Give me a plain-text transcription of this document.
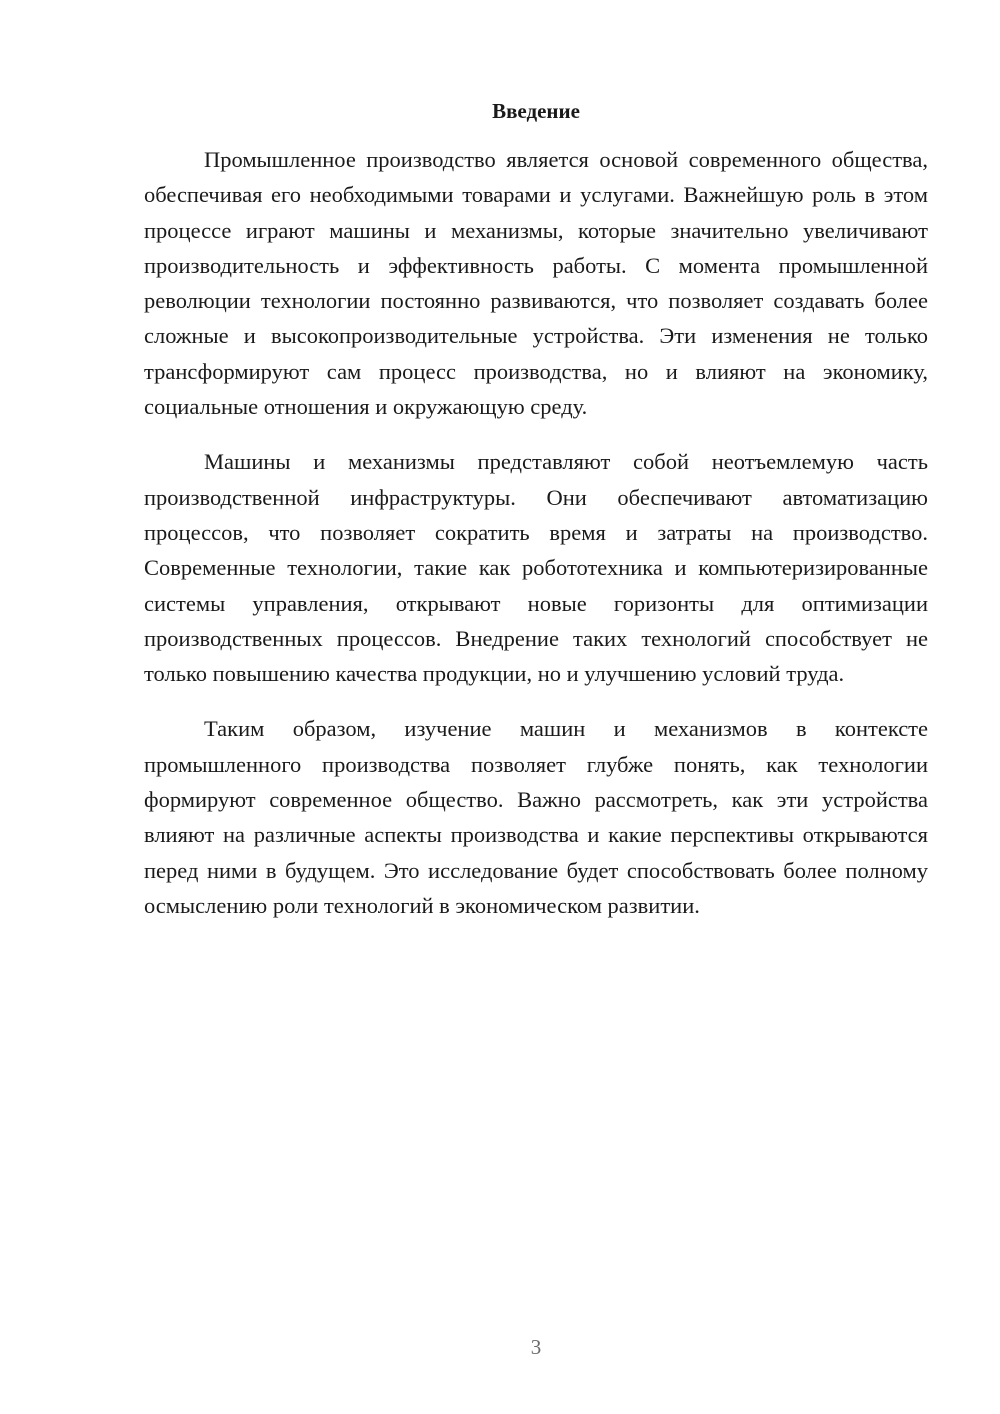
Введение

Промышленное производство является основой современного общества, обеспечивая его необходимыми товарами и услугами. Важнейшую роль в этом процессе играют машины и механизмы, которые значительно увеличивают производительность и эффективность работы. С момента промышленной революции технологии постоянно развиваются, что позволяет создавать более сложные и высокопроизводительные устройства. Эти изменения не только трансформируют сам процесс производства, но и влияют на экономику, социальные отношения и окружающую среду.

Машины и механизмы представляют собой неотъемлемую часть производственной инфраструктуры. Они обеспечивают автоматизацию процессов, что позволяет сократить время и затраты на производство. Современные технологии, такие как робототехника и компьютеризированные системы управления, открывают новые горизонты для оптимизации производственных процессов. Внедрение таких технологий способствует не только повышению качества продукции, но и улучшению условий труда.

Таким образом, изучение машин и механизмов в контексте промышленного производства позволяет глубже понять, как технологии формируют современное общество. Важно рассмотреть, как эти устройства влияют на различные аспекты производства и какие перспективы открываются перед ними в будущем. Это исследование будет способствовать более полному осмыслению роли технологий в экономическом развитии.

3
